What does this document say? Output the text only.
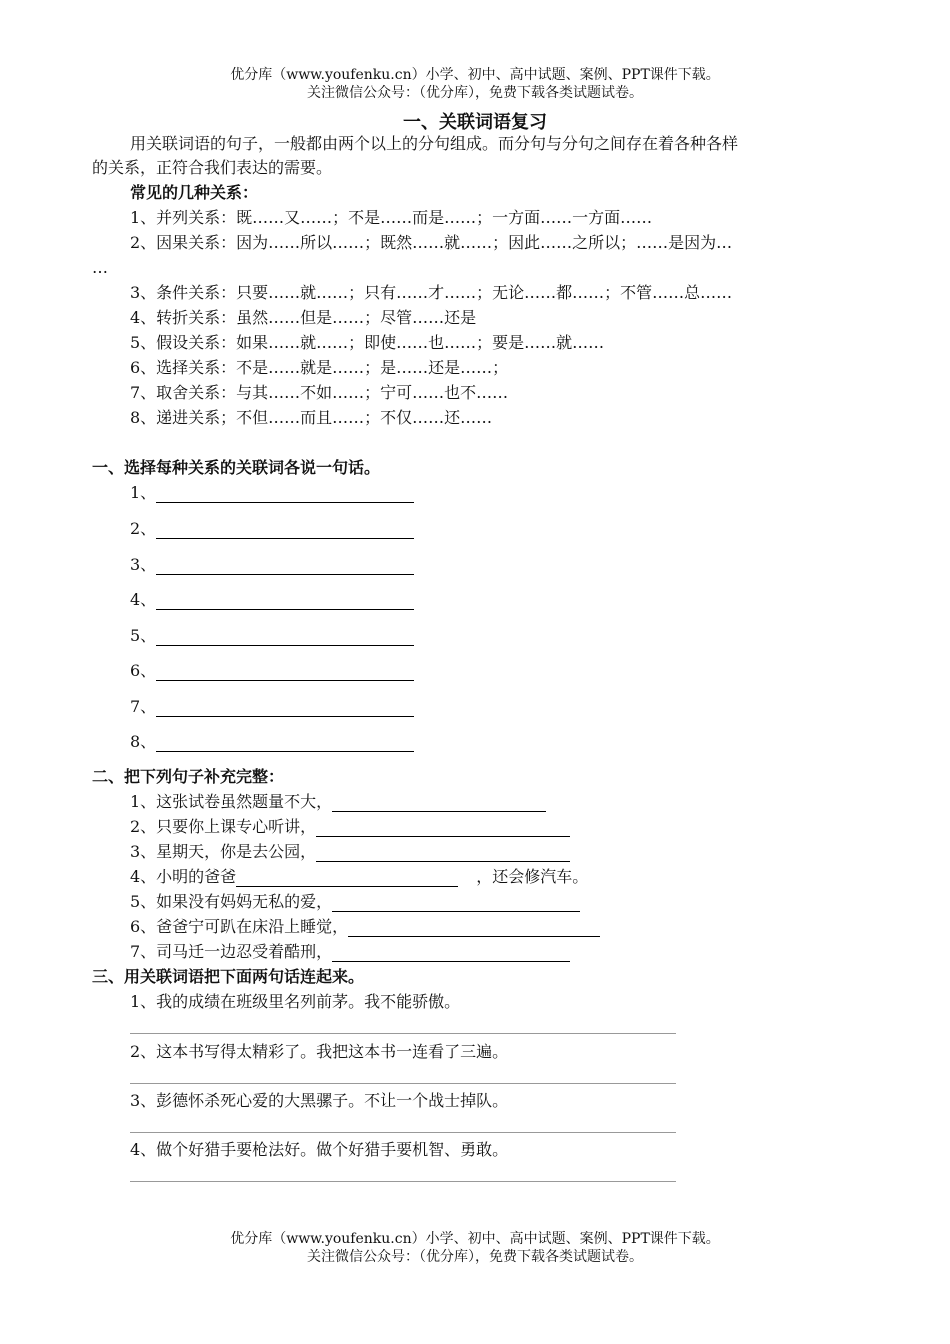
优分库（www.youfenku.cn）小学、初中、高中试题、案例、PPT课件下载。
关注微信公众号：（优分库），免费下载各类试题试卷。
一、关联词语复习
用关联词语的句子，一般都由两个以上的分句组成。而分句与分句之间存在着各种各样
的关系，正符合我们表达的需要。
常见的几种关系：
1、并列关系：既……又……；不是……而是……；一方面……一方面……
2、因果关系：因为……所以……；既然……就……；因此……之所以；……是因为…
…
3、条件关系：只要……就……；只有……才……；无论……都……；不管……总……
4、转折关系：虽然……但是……；尽管……还是
5、假设关系：如果……就……；即使……也……；要是……就……
6、选择关系：不是……就是……；是……还是……；
7、取舍关系：与其……不如……；宁可……也不……
8、递进关系；不但……而且……；不仅……还……
一、选择每种关系的关联词各说一句话。
1、
2、
3、
4、
5、
6、
7、
8、
二、把下列句子补充完整：
1、这张试卷虽然题量不大，
2、只要你上课专心听讲，
3、星期天，你是去公园，
4、小明的爸爸	，还会修汽车。
5、如果没有妈妈无私的爱，
6、爸爸宁可趴在床沿上睡觉，
7、司马迁一边忍受着酷刑，
三、用关联词语把下面两句话连起来。
1、我的成绩在班级里名列前茅。我不能骄傲。
2、这本书写得太精彩了。我把这本书一连看了三遍。
3、彭德怀杀死心爱的大黑骡子。不让一个战士掉队。
4、做个好猎手要枪法好。做个好猎手要机智、勇敢。
优分库（www.youfenku.cn）小学、初中、高中试题、案例、PPT课件下载。
关注微信公众号：（优分库），免费下载各类试题试卷。
